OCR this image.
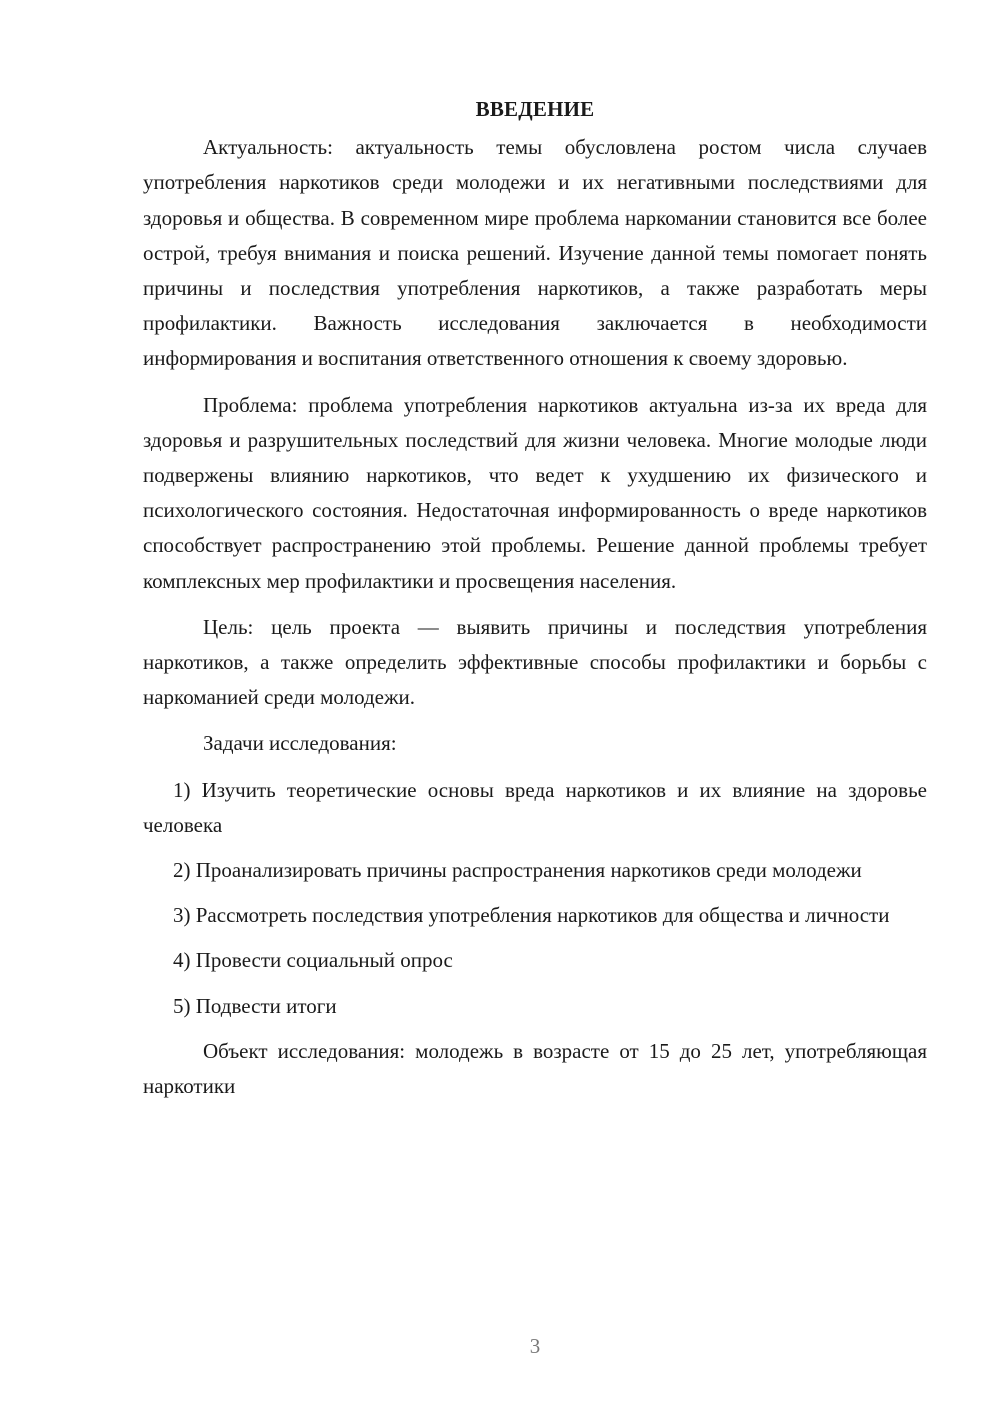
ВВЕДЕНИЕ

Актуальность: актуальность темы обусловлена ростом числа случаев употребления наркотиков среди молодежи и их негативными последствиями для здоровья и общества. В современном мире проблема наркомании становится все более острой, требуя внимания и поиска решений. Изучение данной темы помогает понять причины и последствия употребления наркотиков, а также разработать меры профилактики. Важность исследования заключается в необходимости информирования и воспитания ответственного отношения к своему здоровью.

Проблема: проблема употребления наркотиков актуальна из-за их вреда для здоровья и разрушительных последствий для жизни человека. Многие молодые люди подвержены влиянию наркотиков, что ведет к ухудшению их физического и психологического состояния. Недостаточная информированность о вреде наркотиков способствует распространению этой проблемы. Решение данной проблемы требует комплексных мер профилактики и просвещения населения.

Цель: цель проекта — выявить причины и последствия употребления наркотиков, а также определить эффективные способы профилактики и борьбы с наркоманией среди молодежи.

Задачи исследования:

1) Изучить теоретические основы вреда наркотиков и их влияние на здоровье человека

2) Проанализировать причины распространения наркотиков среди молодежи

3) Рассмотреть последствия употребления наркотиков для общества и личности

4) Провести социальный опрос

5) Подвести итоги

Объект исследования: молодежь в возрасте от 15 до 25 лет, употребляющая наркотики

3
